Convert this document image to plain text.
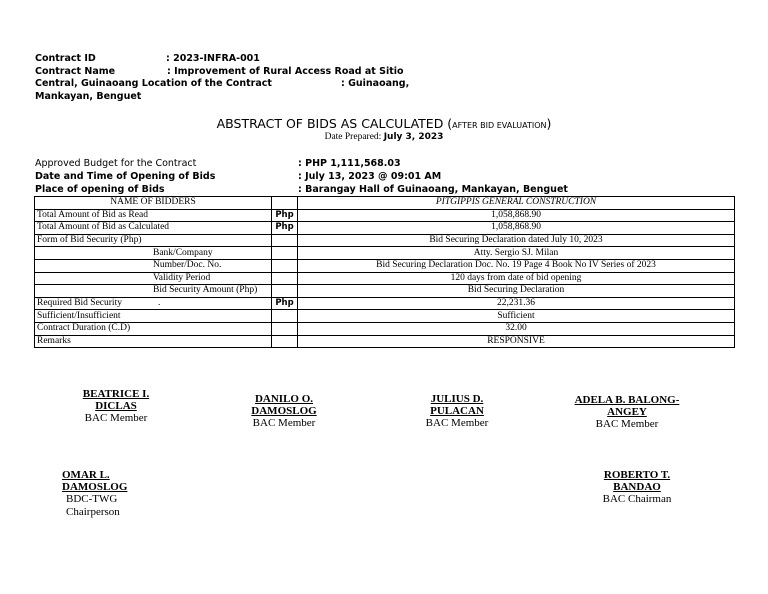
Contract ID	: 2023-INFRA-001
Contract Name	: Improvement of Rural Access Road at Sitio
Central, Guinaoang Location of the Contract	: Guinaoang,
Mankayan, Benguet
ABSTRACT OF BIDS AS CALCULATED (AFTER BID EVALUATION)
Date Prepared: July 3, 2023
Approved Budget for the Contract	: PHP 1,111,568.03
Date and Time of Opening of Bids	: July 13, 2023 @ 09:01 AM
Place of opening of Bids	: Barangay Hall of Guinaoang, Mankayan, Benguet
NAME OF BIDDERS		PITGIPPIS GENERAL CONSTRUCTION
Total Amount of Bid as Read	Php	1,058,868.90
Total Amount of Bid as Calculated	Php	1,058,868.90
Form of Bid Security (Php)		Bid Securing Declaration dated July 10, 2023
Bank/Company		Atty. Sergio SJ. Milan
Number/Doc. No.		Bid Securing Declaration Doc. No. 19 Page 4 Book No IV Series of 2023
Validity Period		120 days from date of bid opening
Bid Security Amount (Php)		Bid Securing Declaration
Required Bid Security .	Php	22,231.36
Sufficient/Insufficient		Sufficient
Contract Duration (C.D)		32.00
Remarks		RESPONSIVE
BEATRICE I.
DICLAS
BAC Member
DANILO O.
DAMOSLOG
BAC Member
JULIUS D.
PULACAN
BAC Member
ADELA B. BALONG-
ANGEY
BAC Member
OMAR L.
DAMOSLOG
BDC-TWG
Chairperson
ROBERTO T.
BANDAO
BAC Chairman
